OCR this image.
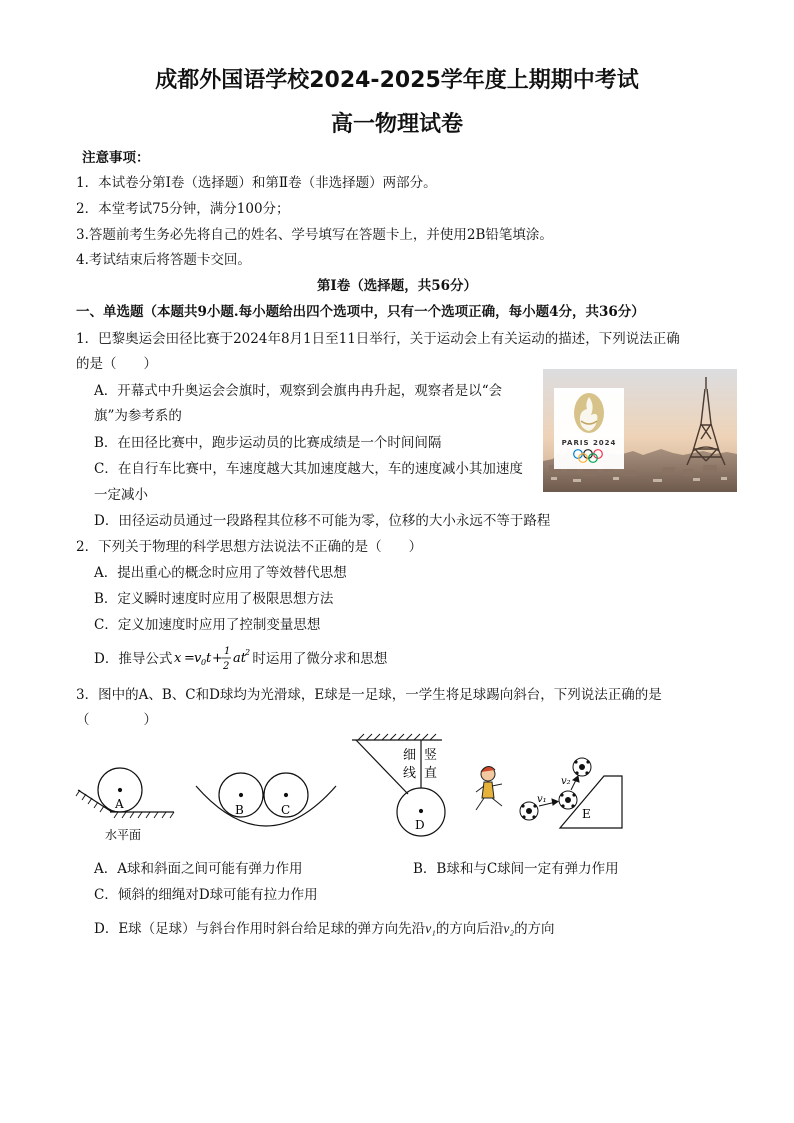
成都外国语学校2024-2025学年度上期期中考试
高一物理试卷
注意事项：
1．本试卷分第Ⅰ卷（选择题）和第Ⅱ卷（非选择题）两部分。
2．本堂考试75分钟，满分100分；
3.答题前考生务必先将自己的姓名、学号填写在答题卡上，并使用2B铅笔填涂。
4.考试结束后将答题卡交回。
第Ⅰ卷（选择题，共56分）
一、单选题（本题共9小题.每小题给出四个选项中，只有一个选项正确，每小题4分，共36分）
1．巴黎奥运会田径比赛于2024年8月1日至11日举行，关于运动会上有关运动的描述，下列说法正确
的是（　　）
A．开幕式中升奥运会会旗时，观察到会旗冉冉升起，观察者是以“会
旗”为参考系的
B．在田径比赛中，跑步运动员的比赛成绩是一个时间间隔
C．在自行车比赛中，车速度越大其加速度越大，车的速度减小其加速度
一定减小
D．田径运动员通过一段路程其位移不可能为零，位移的大小永远不等于路程
PARIS 2024
2．下列关于物理的科学思想方法说法不正确的是（　　）
A．提出重心的概念时应用了等效替代思想
B．定义瞬时速度时应用了极限思想方法
C．定义加速度时应用了控制变量思想
D．推导公式 x = v 0 t + 1
2
at 2 时运用了微分求和思想
3．图中的A、B、C和D球均为光滑球，E球是一足球，一学生将足球踢向斜台，下列说法正确的是
（　　　　）
A
水平面
B	C
细
线
竖
直
D
v₁
v₂
E
A．A球和斜面之间可能有弹力作用	B．B球和与C球间一定有弹力作用
C．倾斜的细绳对D球可能有拉力作用
D．E球（足球）与斜台作用时斜台给足球的弹方向先沿v₁的方向后沿v₂的方向
